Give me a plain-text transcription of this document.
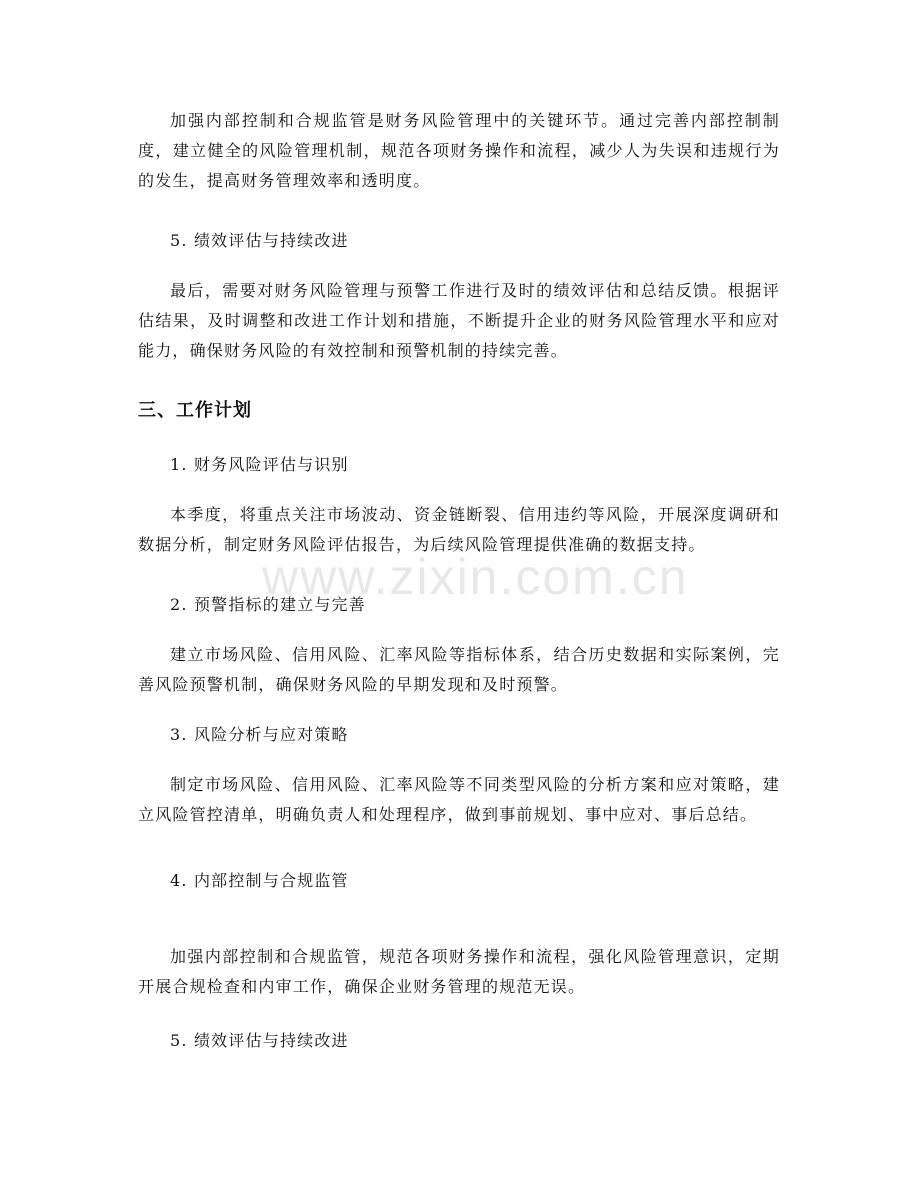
www.zixin.com.cn

加强内部控制和合规监管是财务风险管理中的关键环节。通过完善内部控制制度，建立健全的风险管理机制，规范各项财务操作和流程，减少人为失误和违规行为的发生，提高财务管理效率和透明度。

5. 绩效评估与持续改进

最后，需要对财务风险管理与预警工作进行及时的绩效评估和总结反馈。根据评估结果，及时调整和改进工作计划和措施，不断提升企业的财务风险管理水平和应对能力，确保财务风险的有效控制和预警机制的持续完善。

三、工作计划

1. 财务风险评估与识别

本季度，将重点关注市场波动、资金链断裂、信用违约等风险，开展深度调研和数据分析，制定财务风险评估报告，为后续风险管理提供准确的数据支持。

2. 预警指标的建立与完善

建立市场风险、信用风险、汇率风险等指标体系，结合历史数据和实际案例，完善风险预警机制，确保财务风险的早期发现和及时预警。

3. 风险分析与应对策略

制定市场风险、信用风险、汇率风险等不同类型风险的分析方案和应对策略，建立风险管控清单，明确负责人和处理程序，做到事前规划、事中应对、事后总结。

4. 内部控制与合规监管

加强内部控制和合规监管，规范各项财务操作和流程，强化风险管理意识，定期开展合规检查和内审工作，确保企业财务管理的规范无误。

5. 绩效评估与持续改进
